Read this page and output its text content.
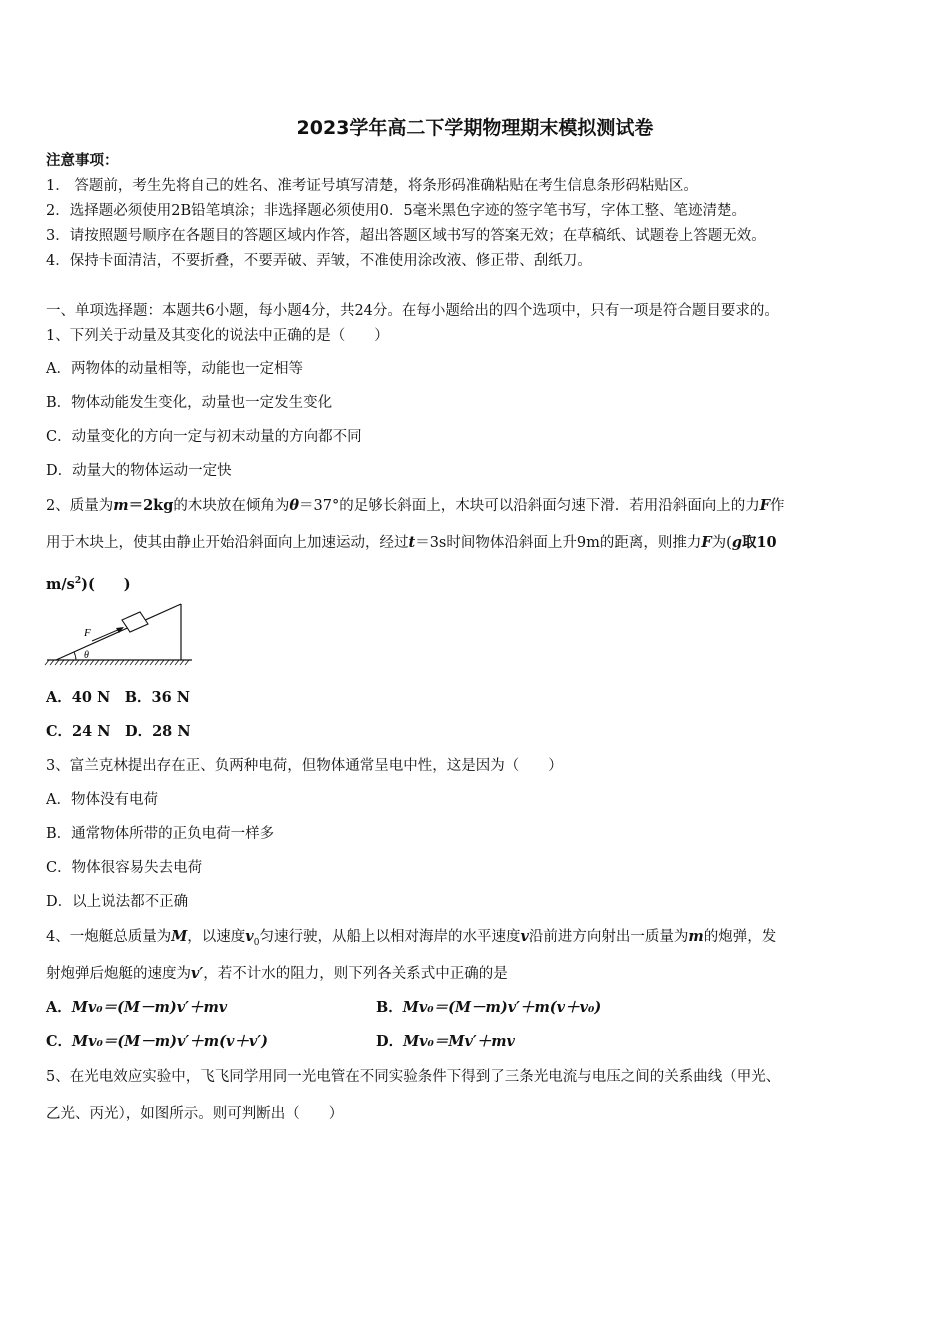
2023学年高二下学期物理期末模拟测试卷
注意事项：
1． 答题前，考生先将自己的姓名、准考证号填写清楚，将条形码准确粘贴在考生信息条形码粘贴区。
2．选择题必须使用2B铅笔填涂；非选择题必须使用0．5毫米黑色字迹的签字笔书写，字体工整、笔迹清楚。
3．请按照题号顺序在各题目的答题区域内作答，超出答题区域书写的答案无效；在草稿纸、试题卷上答题无效。
4．保持卡面清洁，不要折叠，不要弄破、弄皱，不准使用涂改液、修正带、刮纸刀。
一、单项选择题：本题共6小题，每小题4分，共24分。在每小题给出的四个选项中，只有一项是符合题目要求的。
1、下列关于动量及其变化的说法中正确的是（　　）
A．两物体的动量相等，动能也一定相等
B．物体动能发生变化，动量也一定发生变化
C．动量变化的方向一定与初末动量的方向都不同
D．动量大的物体运动一定快
2、质量为m＝2kg的木块放在倾角为θ＝37°的足够长斜面上，木块可以沿斜面匀速下滑．若用沿斜面向上的力F作
用于木块上，使其由静止开始沿斜面向上加速运动，经过t＝3s时间物体沿斜面上升9m的距离，则推力F为(g取10
$m/s^2$)(　　)
F
θ
A．40 N　B．36 N
C．24 N　D．28 N
3、富兰克林提出存在正、负两种电荷，但物体通常呈电中性，这是因为（　　）
A．物体没有电荷
B．通常物体所带的正负电荷一样多
C．物体很容易失去电荷
D．以上说法都不正确
4、一炮艇总质量为M，以速度$v_0$匀速行驶，从船上以相对海岸的水平速度v沿前进方向射出一质量为m的炮弹，发
射炮弹后炮艇的速度为v′，若不计水的阻力，则下列各关系式中正确的是
A．Mv₀＝(M－m)v′＋mv	B．Mv₀＝(M－m)v′＋m(v＋v₀)
C．Mv₀＝(M－m)v′＋m(v＋v′)	D．Mv₀＝Mv′＋mv
5、在光电效应实验中，飞飞同学用同一光电管在不同实验条件下得到了三条光电流与电压之间的关系曲线（甲光、
乙光、丙光），如图所示。则可判断出（　　）
